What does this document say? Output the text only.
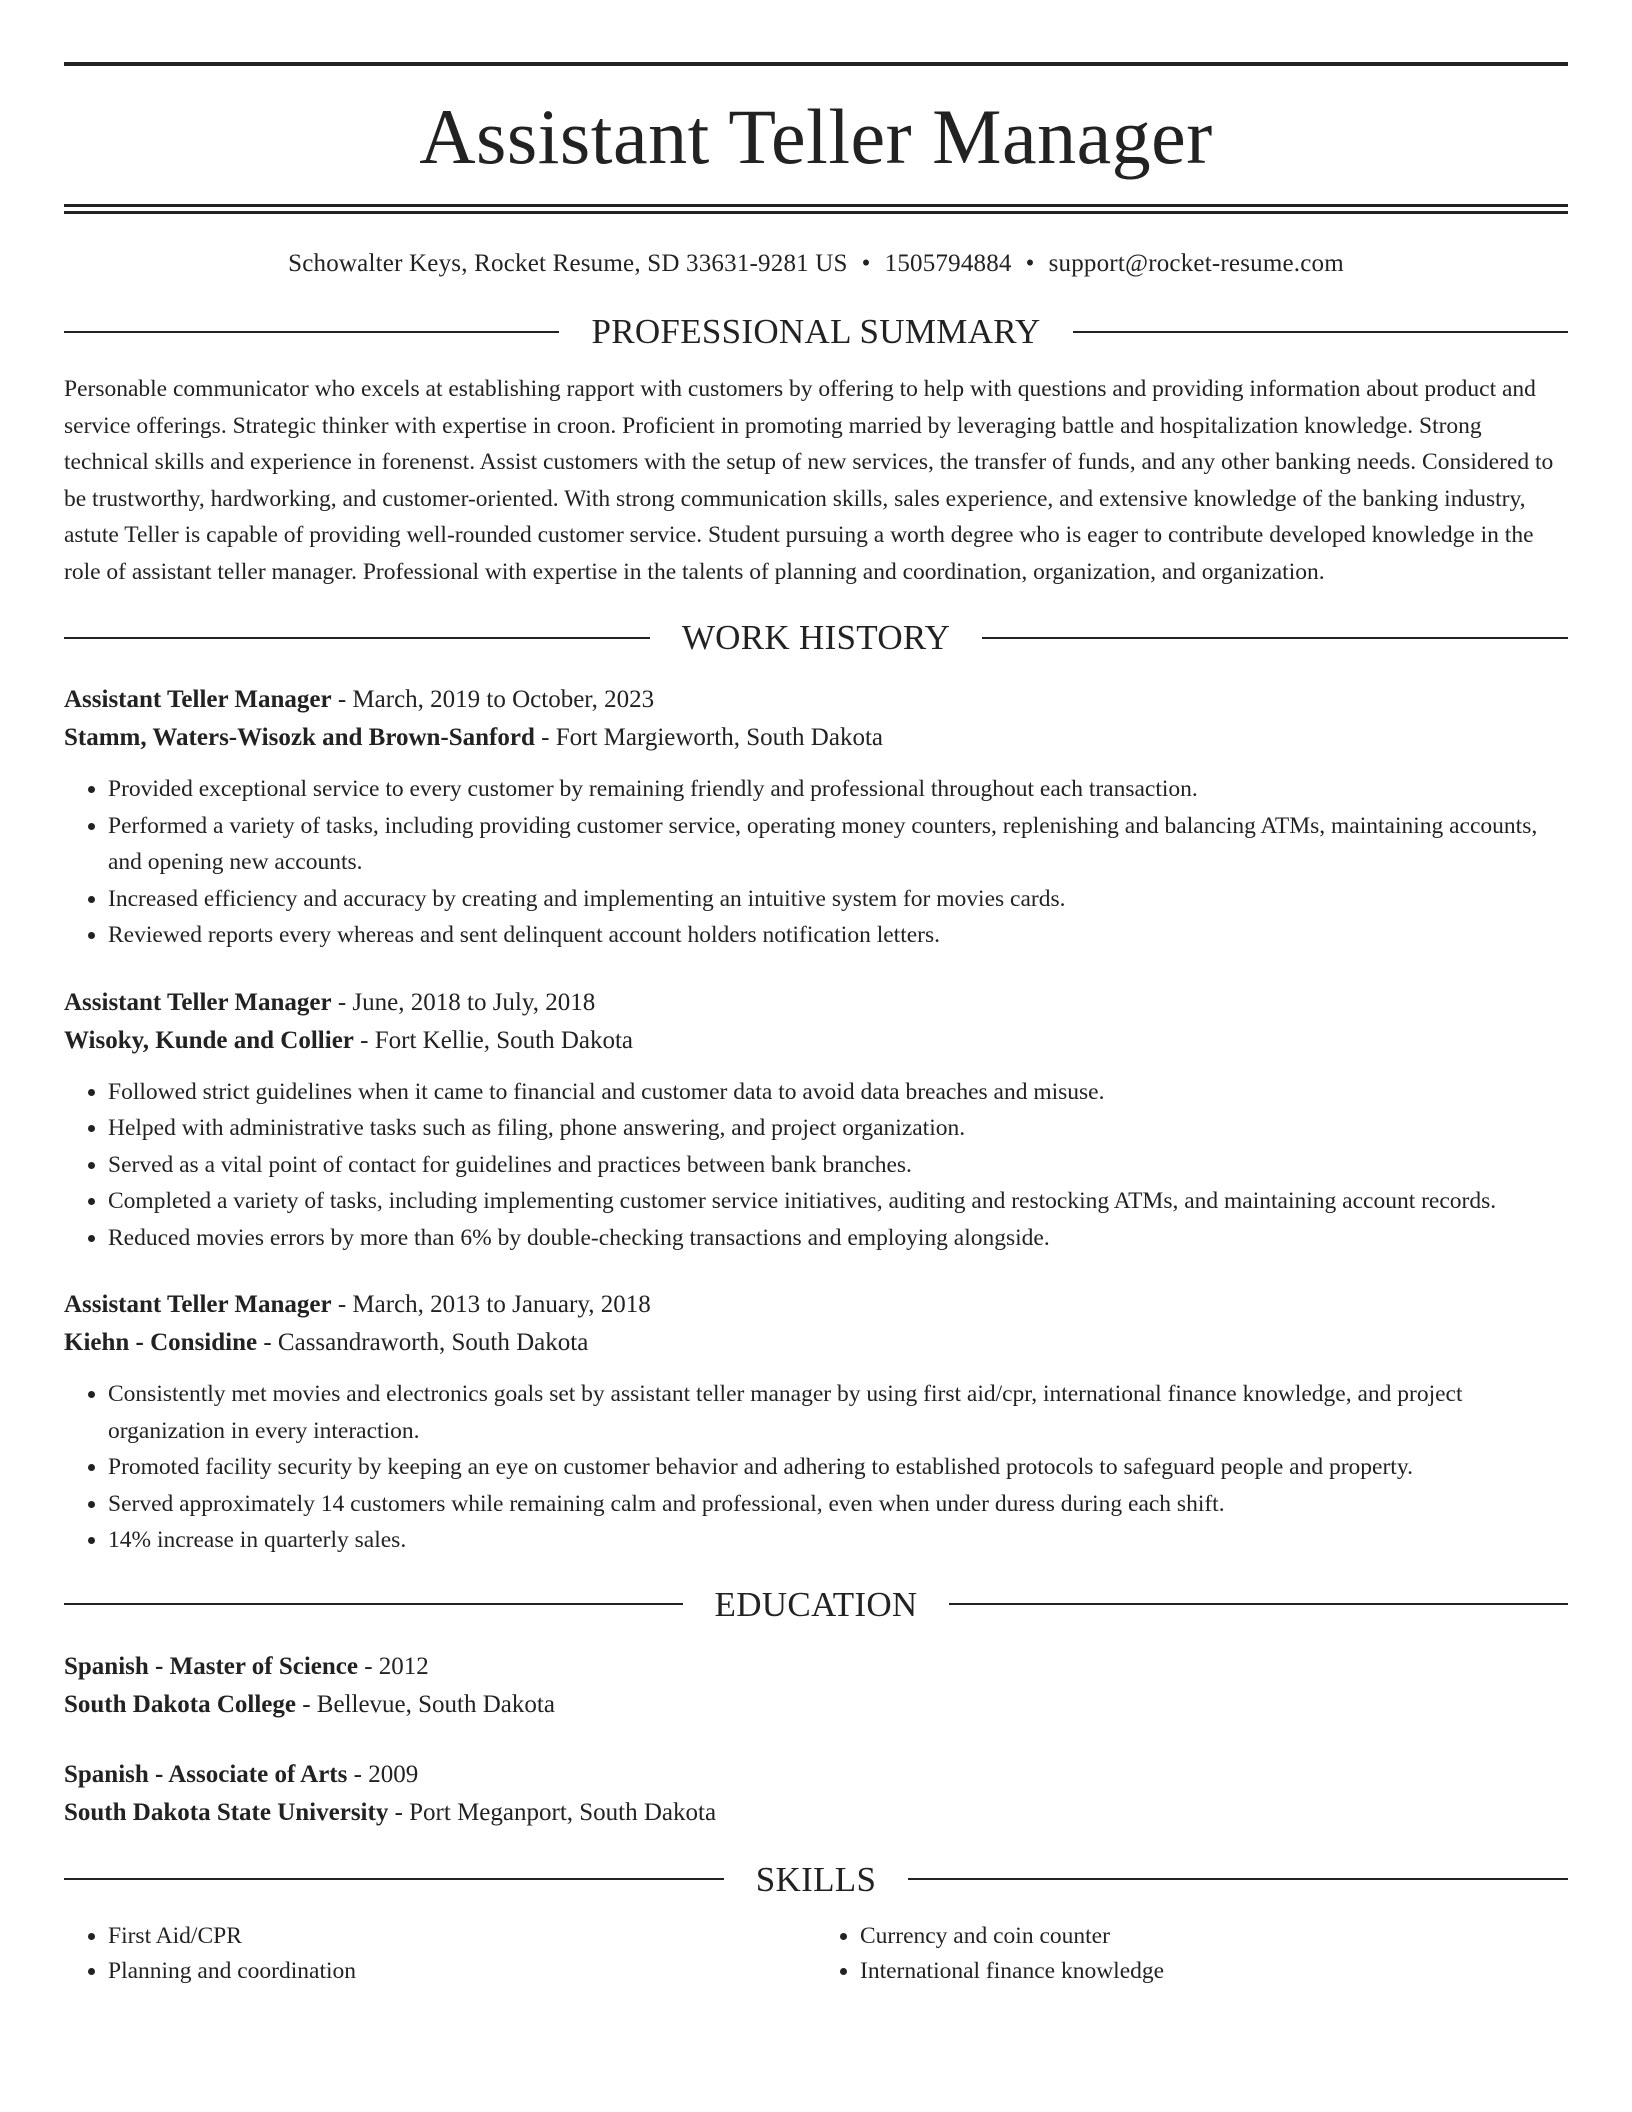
Assistant Teller Manager
Schowalter Keys, Rocket Resume, SD 33631-9281 US • 1505794884 • support@rocket-resume.com
PROFESSIONAL SUMMARY

Personable communicator who excels at establishing rapport with customers by offering to help with questions and providing information about product and service offerings. Strategic thinker with expertise in croon. Proficient in promoting married by leveraging battle and hospitalization knowledge. Strong technical skills and experience in forenenst. Assist customers with the setup of new services, the transfer of funds, and any other banking needs. Considered to be trustworthy, hardworking, and customer-oriented. With strong communication skills, sales experience, and extensive knowledge of the banking industry, astute Teller is capable of providing well-rounded customer service. Student pursuing a worth degree who is eager to contribute developed knowledge in the role of assistant teller manager. Professional with expertise in the talents of planning and coordination, organization, and organization.

WORK HISTORY
Assistant Teller Manager - March, 2019 to October, 2023
Stamm, Waters-Wisozk and Brown-Sanford - Fort Margieworth, South Dakota
• Provided exceptional service to every customer by remaining friendly and professional throughout each transaction.
• Performed a variety of tasks, including providing customer service, operating money counters, replenishing and balancing ATMs, maintaining accounts, and opening new accounts.
• Increased efficiency and accuracy by creating and implementing an intuitive system for movies cards.
• Reviewed reports every whereas and sent delinquent account holders notification letters.
Assistant Teller Manager - June, 2018 to July, 2018
Wisoky, Kunde and Collier - Fort Kellie, South Dakota
• Followed strict guidelines when it came to financial and customer data to avoid data breaches and misuse.
• Helped with administrative tasks such as filing, phone answering, and project organization.
• Served as a vital point of contact for guidelines and practices between bank branches.
• Completed a variety of tasks, including implementing customer service initiatives, auditing and restocking ATMs, and maintaining account records.
• Reduced movies errors by more than 6% by double-checking transactions and employing alongside.
Assistant Teller Manager - March, 2013 to January, 2018
Kiehn - Considine - Cassandraworth, South Dakota
• Consistently met movies and electronics goals set by assistant teller manager by using first aid/cpr, international finance knowledge, and project organization in every interaction.
• Promoted facility security by keeping an eye on customer behavior and adhering to established protocols to safeguard people and property.
• Served approximately 14 customers while remaining calm and professional, even when under duress during each shift.
• 14% increase in quarterly sales.
EDUCATION
Spanish - Master of Science - 2012
South Dakota College - Bellevue, South Dakota
Spanish - Associate of Arts - 2009
South Dakota State University - Port Meganport, South Dakota
SKILLS
• First Aid/CPR
• Planning and coordination
• Currency and coin counter
• International finance knowledge
